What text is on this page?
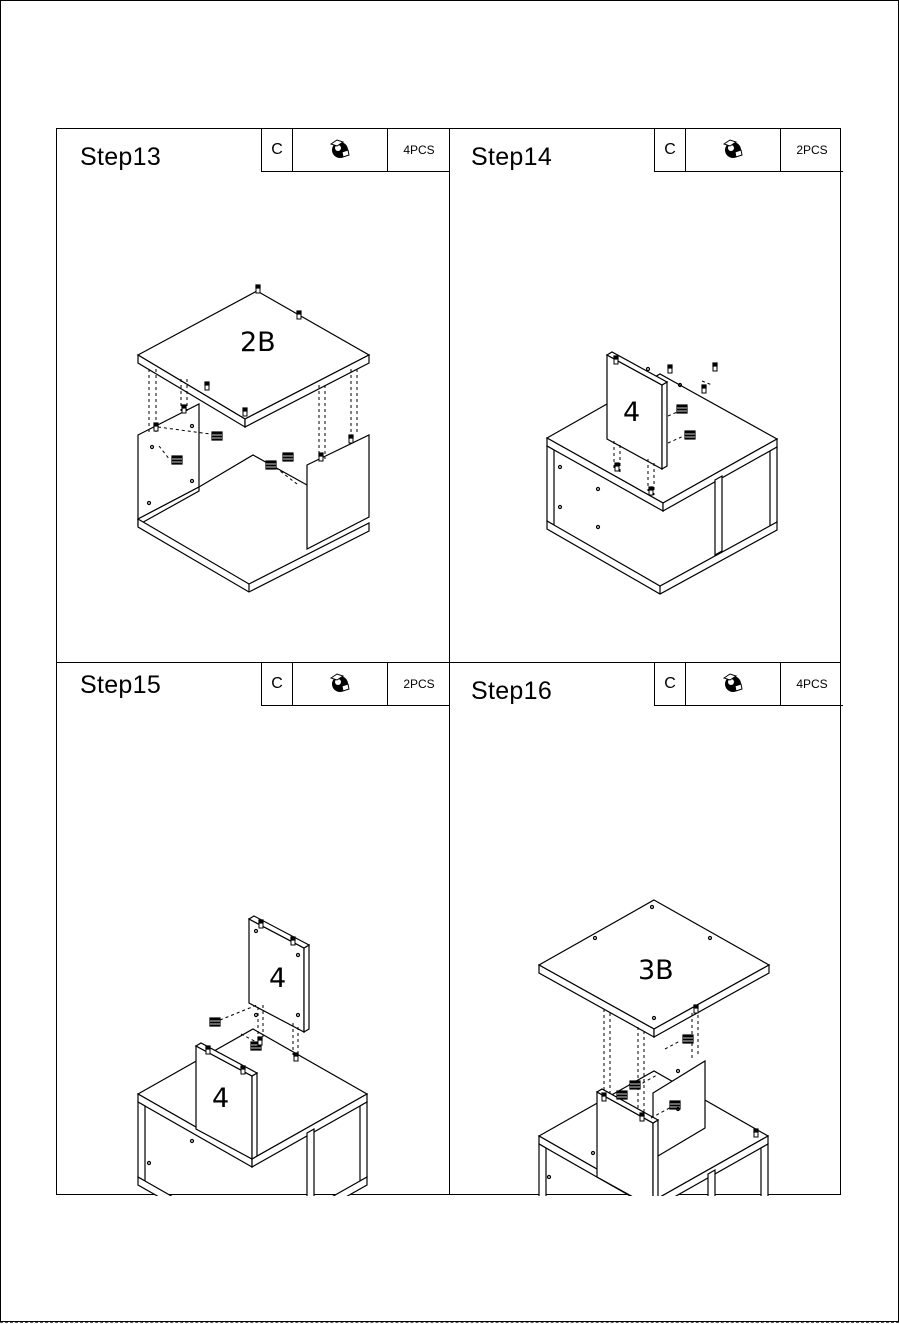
Step13	C	4PCS
2B
Step14	C	2PCS
4
Step15	C	2PCS
4
4
Step16	C	4PCS
3B
